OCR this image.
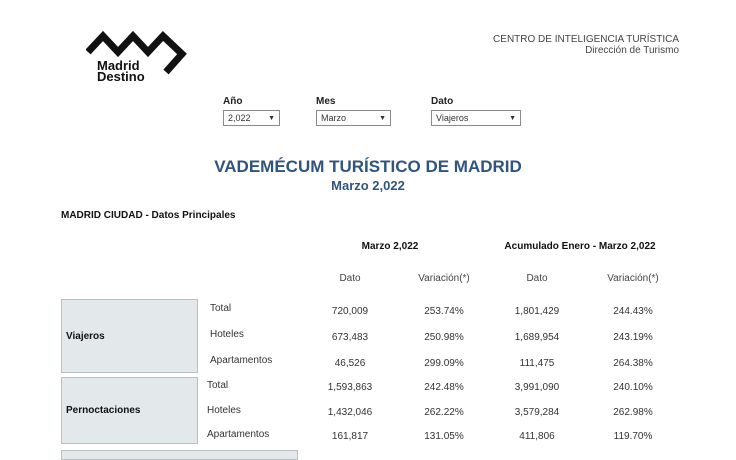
Madrid
Destino
CENTRO DE INTELIGENCIA TURÍSTICA
Dirección de Turismo
Año
2,022	▼
Mes
Marzo	▼
Dato
Viajeros	▼
VADEMÉCUM TURÍSTICO DE MADRID
Marzo 2,022
MADRID CIUDAD - Datos Principales
Marzo 2,022	Acumulado Enero - Marzo 2,022
Dato	Variación(*)	Dato	Variación(*)
Viajeros
Total	720,009	253.74%	1,801,429	244.43%
Hoteles	673,483	250.98%	1,689,954	243.19%
Apartamentos	46,526	299.09%	111,475	264.38%
Pernoctaciones
Total	1,593,863	242.48%	3,991,090	240.10%
Hoteles	1,432,046	262.22%	3,579,284	262.98%
Apartamentos	161,817	131.05%	411,806	119.70%
